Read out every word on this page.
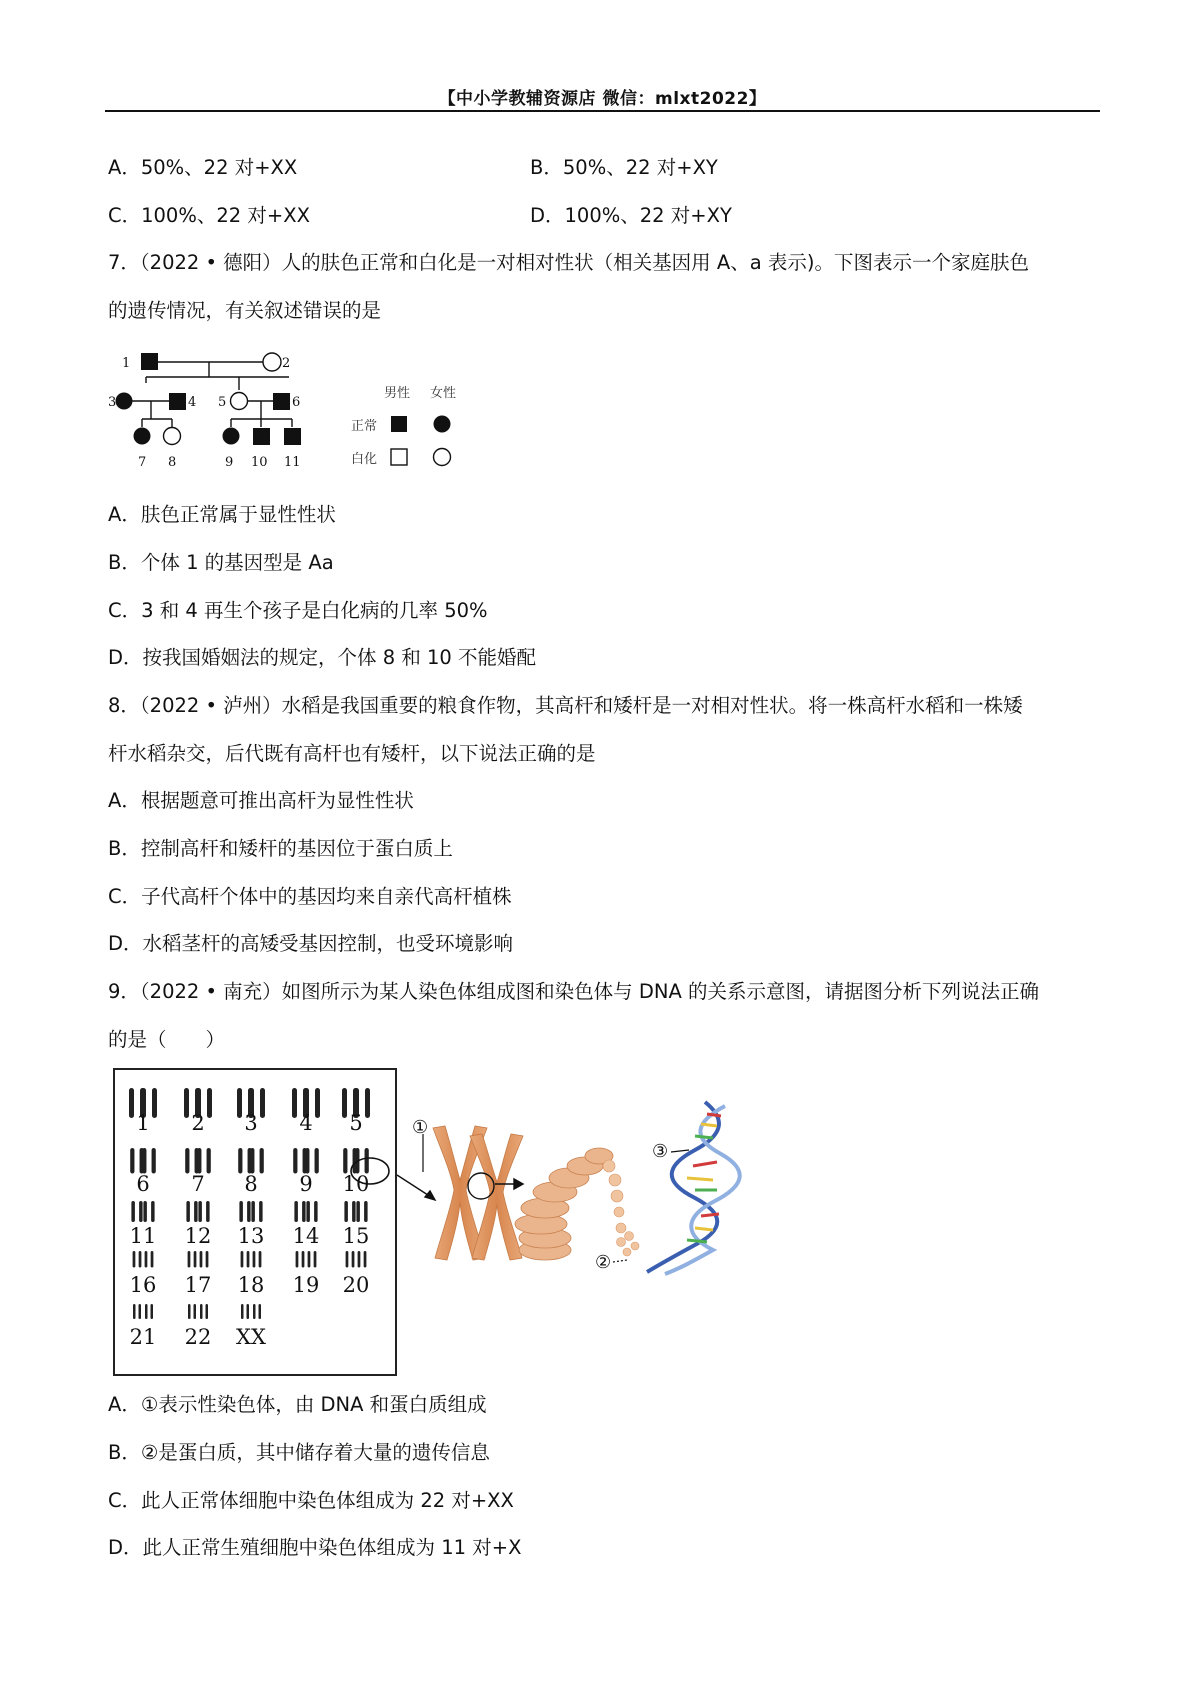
【中小学教辅资源店 微信：mlxt2022】
A．50%、22 对+XX	B．50%、22 对+XY
C．100%、22 对+XX	D．100%、22 对+XY
7．（2022 • 德阳）人的肤色正常和白化是一对相对性状（相关基因用 A、a 表示)。下图表示一个家庭肤色
的遗传情况，有关叙述错误的是
1	2
3	4 5	6
7 8	9 10 11
男性 女性
正常
白化
A．肤色正常属于显性性状
B．个体 1 的基因型是 Aa
C．3 和 4 再生个孩子是白化病的几率 50%
D．按我国婚姻法的规定，个体 8 和 10 不能婚配
8．（2022 • 泸州）水稻是我国重要的粮食作物，其高杆和矮杆是一对相对性状。将一株高杆水稻和一株矮
杆水稻杂交，后代既有高杆也有矮杆，以下说法正确的是
A．根据题意可推出高杆为显性性状
B．控制高杆和矮杆的基因位于蛋白质上
C．子代高杆个体中的基因均来自亲代高杆植株
D．水稻茎杆的高矮受基因控制，也受环境影响
9．（2022 • 南充）如图所示为某人染色体组成图和染色体与 DNA 的关系示意图，请据图分析下列说法正确
的是（　　）
1 2 3 4 5
6 7 8 9 10
11 12 13 14 15
16 17 18 19 20
21 22 XX
①
②
③
A．①表示性染色体，由 DNA 和蛋白质组成
B．②是蛋白质，其中储存着大量的遗传信息
C．此人正常体细胞中染色体组成为 22 对+XX
D．此人正常生殖细胞中染色体组成为 11 对+X
